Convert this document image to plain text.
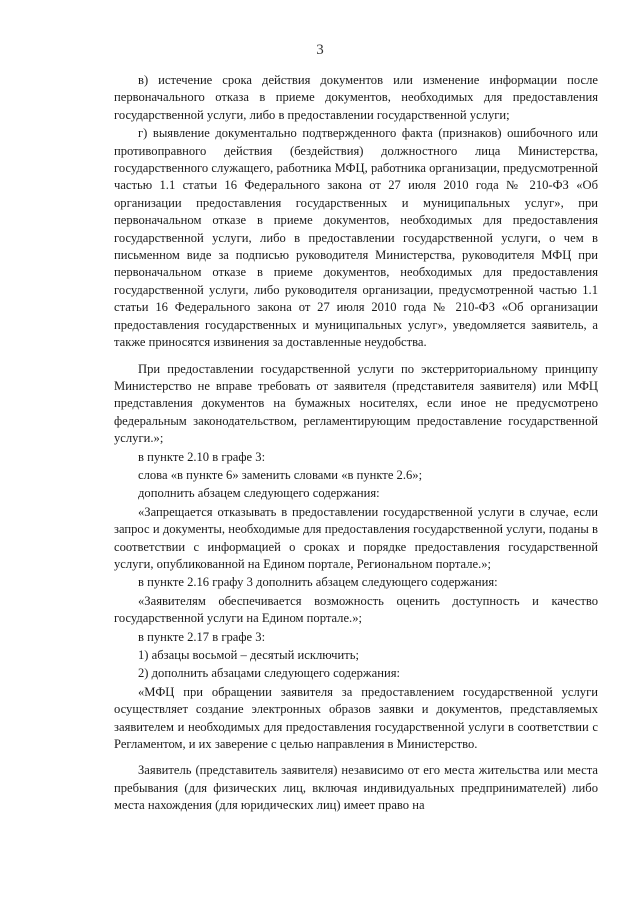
3

в) истечение срока действия документов или изменение информации после первоначального отказа в приеме документов, необходимых для предоставления государственной услуги, либо в предоставлении государственной услуги;

г) выявление документально подтвержденного факта (признаков) ошибочного или противоправного действия (бездействия) должностного лица Министерства, государственного служащего, работника МФЦ, работника организации, предусмотренной частью 1.1 статьи 16 Федерального закона от 27 июля 2010 года № 210-ФЗ «Об организации предоставления государственных и муниципальных услуг», при первоначальном отказе в приеме документов, необходимых для предоставления государственной услуги, либо в предоставлении государственной услуги, о чем в письменном виде за подписью руководителя Министерства, руководителя МФЦ при первоначальном отказе в приеме документов, необходимых для предоставления государственной услуги, либо руководителя организации, предусмотренной частью 1.1 статьи 16 Федерального закона от 27 июля 2010 года № 210-ФЗ «Об организации предоставления государственных и муниципальных услуг», уведомляется заявитель, а также приносятся извинения за доставленные неудобства.

При предоставлении государственной услуги по экстерриториальному принципу Министерство не вправе требовать от заявителя (представителя заявителя) или МФЦ представления документов на бумажных носителях, если иное не предусмотрено федеральным законодательством, регламентирующим предоставление государственной услуги.»;

в пункте 2.10 в графе 3:

слова «в пункте 6» заменить словами «в пункте 2.6»;

дополнить абзацем следующего содержания:

«Запрещается отказывать в предоставлении государственной услуги в случае, если запрос и документы, необходимые для предоставления государственной услуги, поданы в соответствии с информацией о сроках и порядке предоставления государственной услуги, опубликованной на Едином портале, Региональном портале.»;

в пункте 2.16 графу 3 дополнить абзацем следующего содержания:

«Заявителям обеспечивается возможность оценить доступность и качество государственной услуги на Едином портале.»;

в пункте 2.17 в графе 3:

1) абзацы восьмой – десятый исключить;

2) дополнить абзацами следующего содержания:

«МФЦ при обращении заявителя за предоставлением государственной услуги осуществляет создание электронных образов заявки и документов, представляемых заявителем и необходимых для предоставления государственной услуги в соответствии с Регламентом, и их заверение с целью направления в Министерство.

Заявитель (представитель заявителя) независимо от его места жительства или места пребывания (для физических лиц, включая индивидуальных предпринимателей) либо места нахождения (для юридических лиц) имеет право на
